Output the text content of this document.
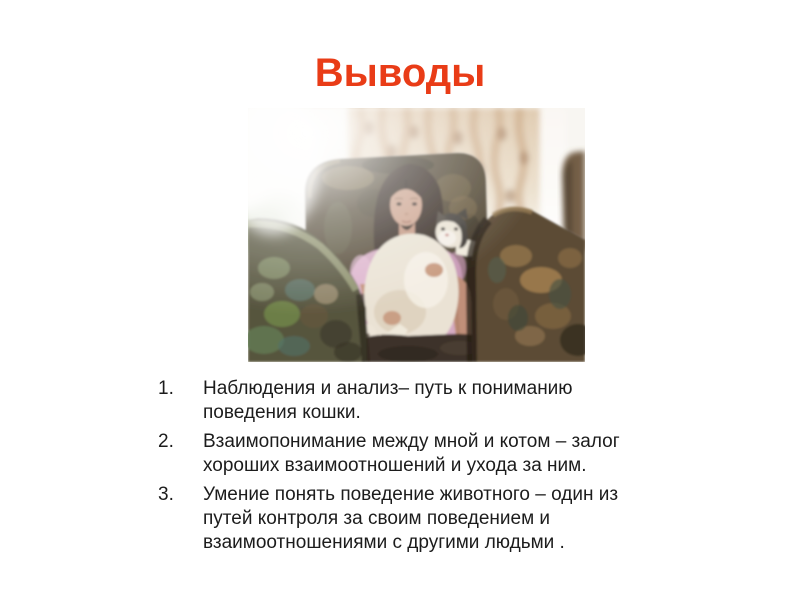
Выводы
1.	Наблюдения и анализ– путь к пониманию поведения кошки.
2.	Взаимопонимание между мной и котом – залог хороших взаимоотношений и ухода за ним.
3.	Умение понять поведение животного – один из путей контроля за своим поведением и взаимоотношениями с другими людьми .
